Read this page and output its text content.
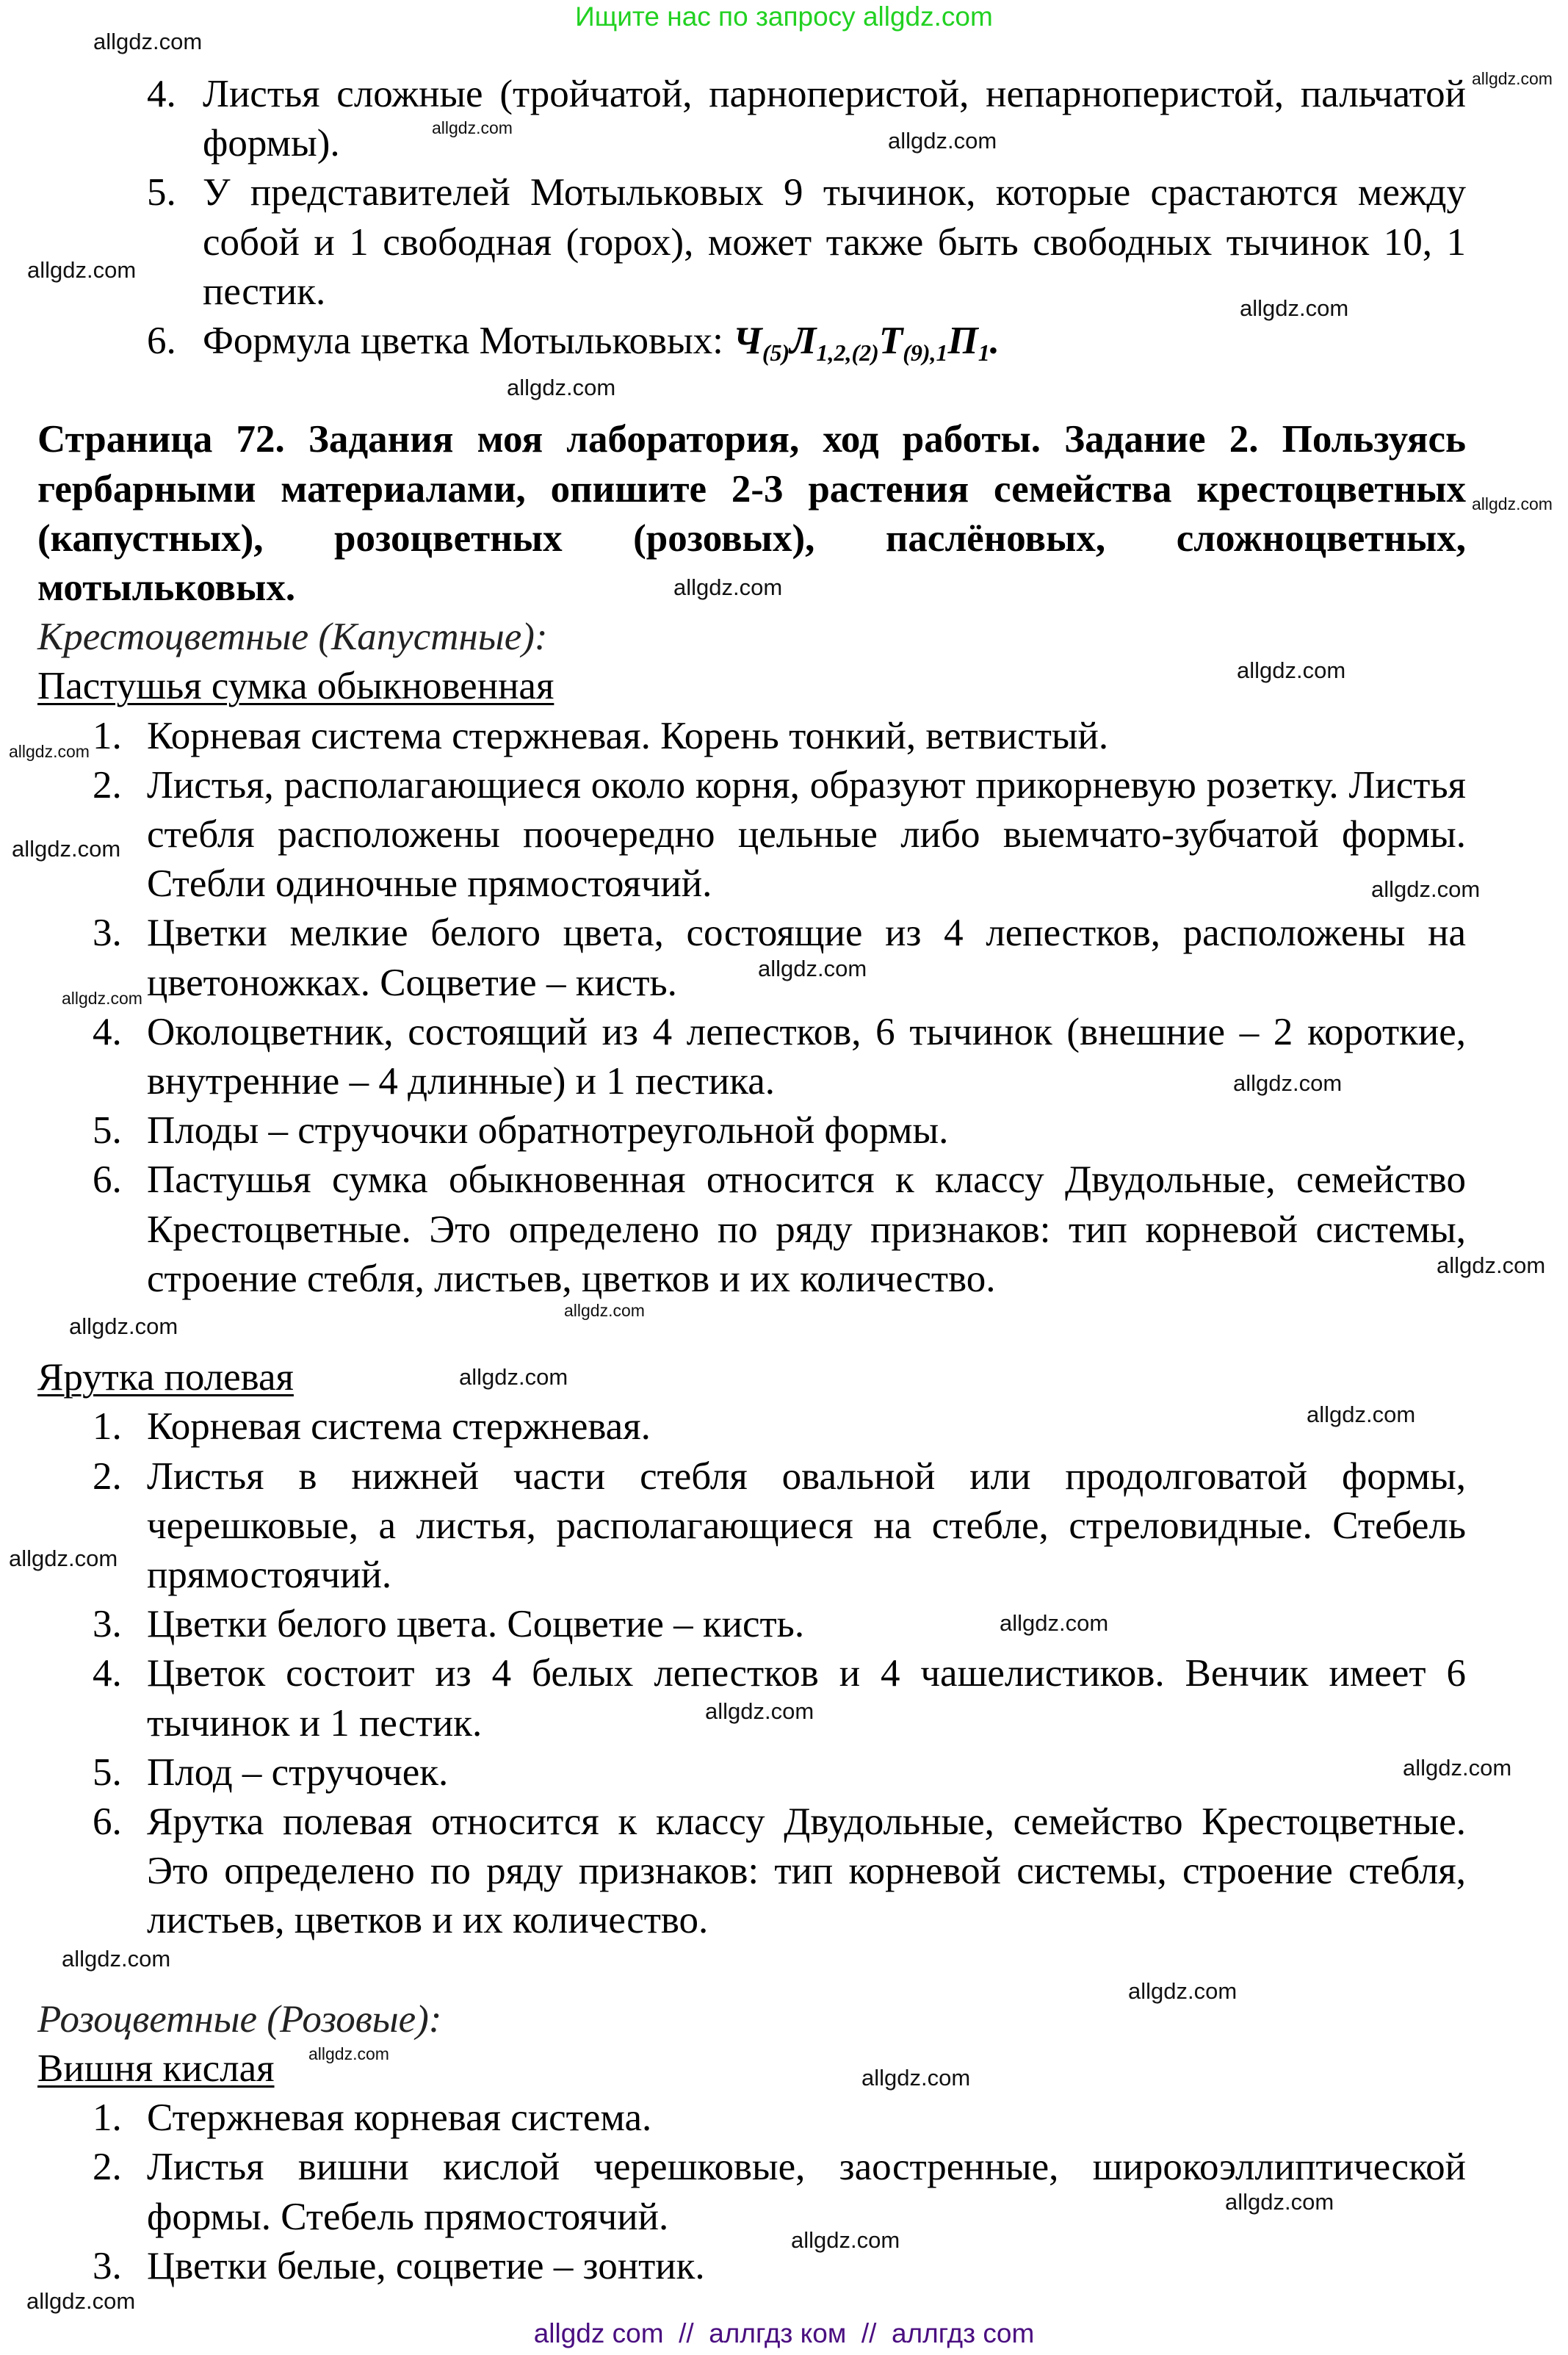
Ищите нас по запросу allgdz.com
4. Листья сложные (тройчатой, парноперистой, непарноперистой, пальчатой формы).
5. У представителей Мотыльковых 9 тычинок, которые срастаются между собой и 1 свободная (горох), может также быть свободных тычинок 10, 1 пестик.
6. Формула цветка Мотыльковых: $Ч_{(5)}Л_{1,2,(2)}Т_{(9),1}П_1$.
Страница 72. Задания моя лаборатория, ход работы. Задание 2. Пользуясь гербарными материалами, опишите 2-3 растения семейства крестоцветных (капустных), розоцветных (розовых), паслёновых, сложноцветных, мотыльковых.
Крестоцветные (Капустные):
Пастушья сумка обыкновенная
1. Корневая система стержневая. Корень тонкий, ветвистый.
2. Листья, располагающиеся около корня, образуют прикорневую розетку. Листья стебля расположены поочередно цельные либо выемчато-зубчатой формы. Стебли одиночные прямостоячий.
3. Цветки мелкие белого цвета, состоящие из 4 лепестков, расположены на цветоножках. Соцветие – кисть.
4. Околоцветник, состоящий из 4 лепестков, 6 тычинок (внешние – 2 короткие, внутренние – 4 длинные) и 1 пестика.
5. Плоды – стручочки обратнотреугольной формы.
6. Пастушья сумка обыкновенная относится к классу Двудольные, семейство Крестоцветные. Это определено по ряду признаков: тип корневой системы, строение стебля, листьев, цветков и их количество.
Ярутка полевая
1. Корневая система стержневая.
2. Листья в нижней части стебля овальной или продолговатой формы, черешковые, а листья, располагающиеся на стебле, стреловидные. Стебель прямостоячий.
3. Цветки белого цвета. Соцветие – кисть.
4. Цветок состоит из 4 белых лепестков и 4 чашелистиков. Венчик имеет 6 тычинок и 1 пестик.
5. Плод – стручочек.
6. Ярутка полевая относится к классу Двудольные, семейство Крестоцветные. Это определено по ряду признаков: тип корневой системы, строение стебля, листьев, цветков и их количество.
Розоцветные (Розовые):
Вишня кислая
1. Стержневая корневая система.
2. Листья вишни кислой черешковые, заостренные, широкоэллиптической формы. Стебель прямостоячий.
3. Цветки белые, соцветие – зонтик.
allgdz com  //  аллгдз ком  //  аллгдз com
allgdz.com
allgdz.com
allgdz.com	allgdz.com
allgdz.com
allgdz.com
allgdz.com
allgdz.com
allgdz.com
allgdz.com
allgdz.com
allgdz.com
allgdz.com
allgdz.com
allgdz.com
allgdz.com
allgdz.com
allgdz.com
allgdz.com
allgdz.com
allgdz.com
allgdz.com
allgdz.com
allgdz.com
allgdz.com
allgdz.com
allgdz.com
allgdz.com
allgdz.com
allgdz.com
allgdz.com
allgdz.com
